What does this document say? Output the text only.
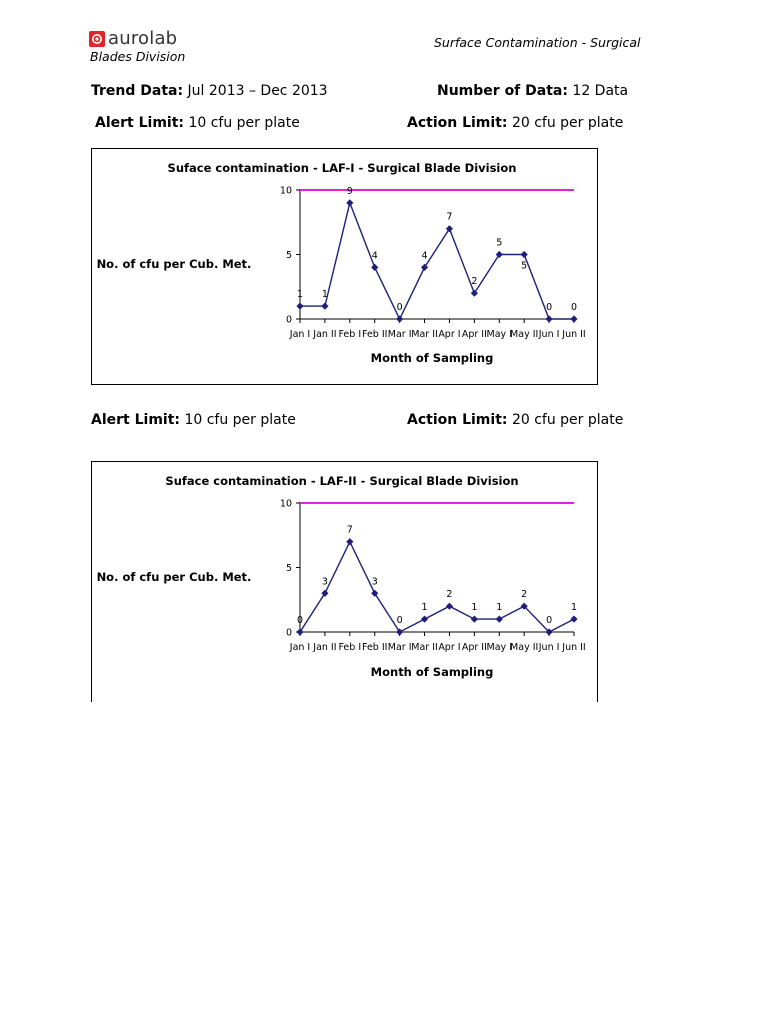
aurolab
Blades Division
Surface Contamination - Surgical
Trend Data: Jul 2013 – Dec 2013	Number of Data: 12 Data
Alert Limit: 10 cfu per plate	Action Limit: 20 cfu per plate
Suface contamination - LAF-I - Surgical Blade Division
No. of cfu per Cub. Met.
Month of Sampling
0
5
10
Jan I Jan II Feb I Feb II Mar I Mar II Apr I Apr II May I
May II Jun I Jun II
1 1
9
4
0
4
7
2
5
5
0 0
Alert Limit: 10 cfu per plate	Action Limit: 20 cfu per plate
Suface contamination - LAF-II - Surgical Blade Division
No. of cfu per Cub. Met.
Month of Sampling
0
5
10
Jan I Jan II Feb I Feb II Mar I Mar II Apr I Apr II May I
May II Jun I Jun II
0
3
7
3
0
1
2
1 1
2
0
1
